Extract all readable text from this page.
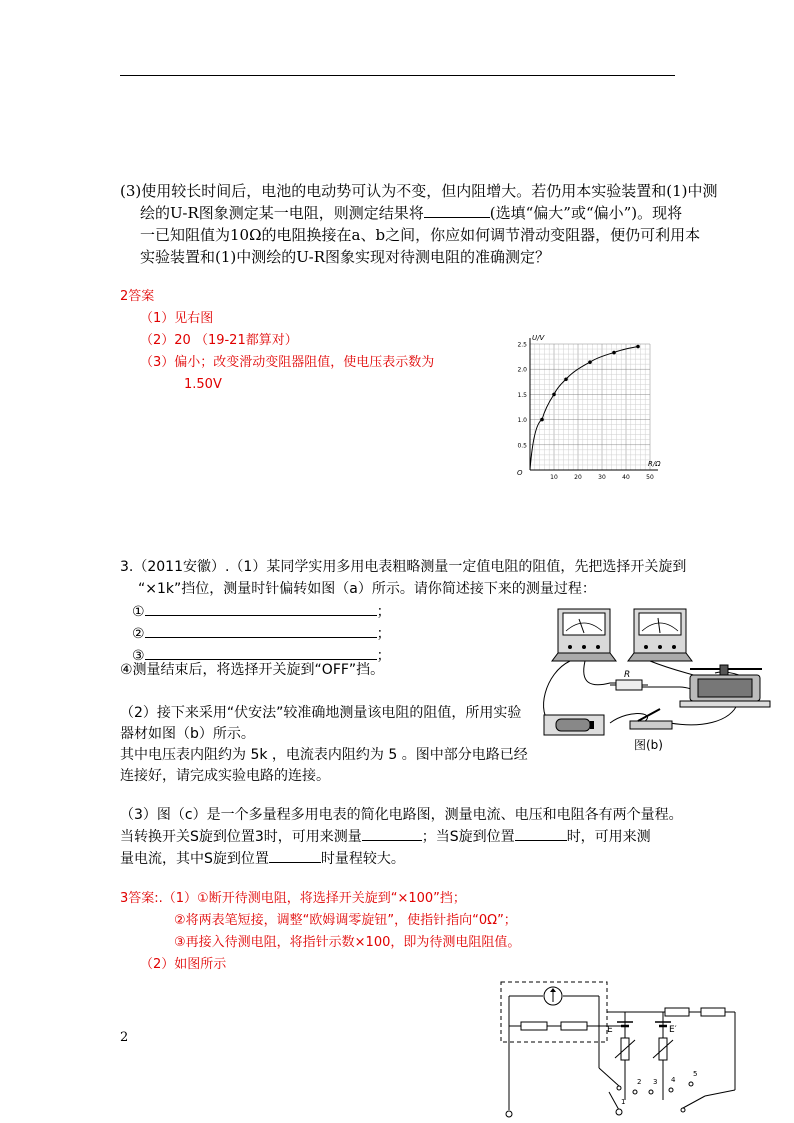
(3)使用较长时间后，电池的电动势可认为不变，但内阻增大。若仍用本实验装置和(1)中测
绘的U-R图象测定某一电阻，则测定结果将	(选填“偏大”或“偏小”)。现将
一已知阻值为10Ω的电阻换接在a、b之间，你应如何调节滑动变阻器，便仍可利用本
实验装置和(1)中测绘的U-R图象实现对待测电阻的准确测定？
2答案
（1）见右图
（2）20 （19-21都算对）
（3）偏小；改变滑动变阻器阻值，使电压表示数为
1.50V
0.5
1.0
1.5
2.0
2.5
10	20	30	40	50
U/V
R/Ω
O
3.（2011安徽）.（1）某同学实用多用电表粗略测量一定值电阻的阻值，先把选择开关旋到
“×1k”挡位，测量时针偏转如图（a）所示。请你简述接下来的测量过程：
①	；
②	；
③	；
④测量结束后，将选择开关旋到“OFF”挡。
（2）接下来采用“伏安法”较准确地测量该电阻的阻值，所用实验
器材如图（b）所示。
其中电压表内阻约为 5k ，电流表内阻约为 5 。图中部分电路已经
连接好，请完成实验电路的连接。
R
图(b)
（3）图（c）是一个多量程多用电表的简化电路图，测量电流、电压和电阻各有两个量程。
当转换开关S旋到位置3时，可用来测量	；当S旋到位置	时，可用来测
量电流，其中S旋到位置	时量程较大。
3答案:.（1）①断开待测电阻，将选择开关旋到“×100”挡；
②将两表笔短接，调整“欧姆调零旋钮”，使指针指向“0Ω”；
③再接入待测电阻，将指针示数×100，即为待测电阻阻值。
（2）如图所示
E	E′
1
2 3 4
5
2
